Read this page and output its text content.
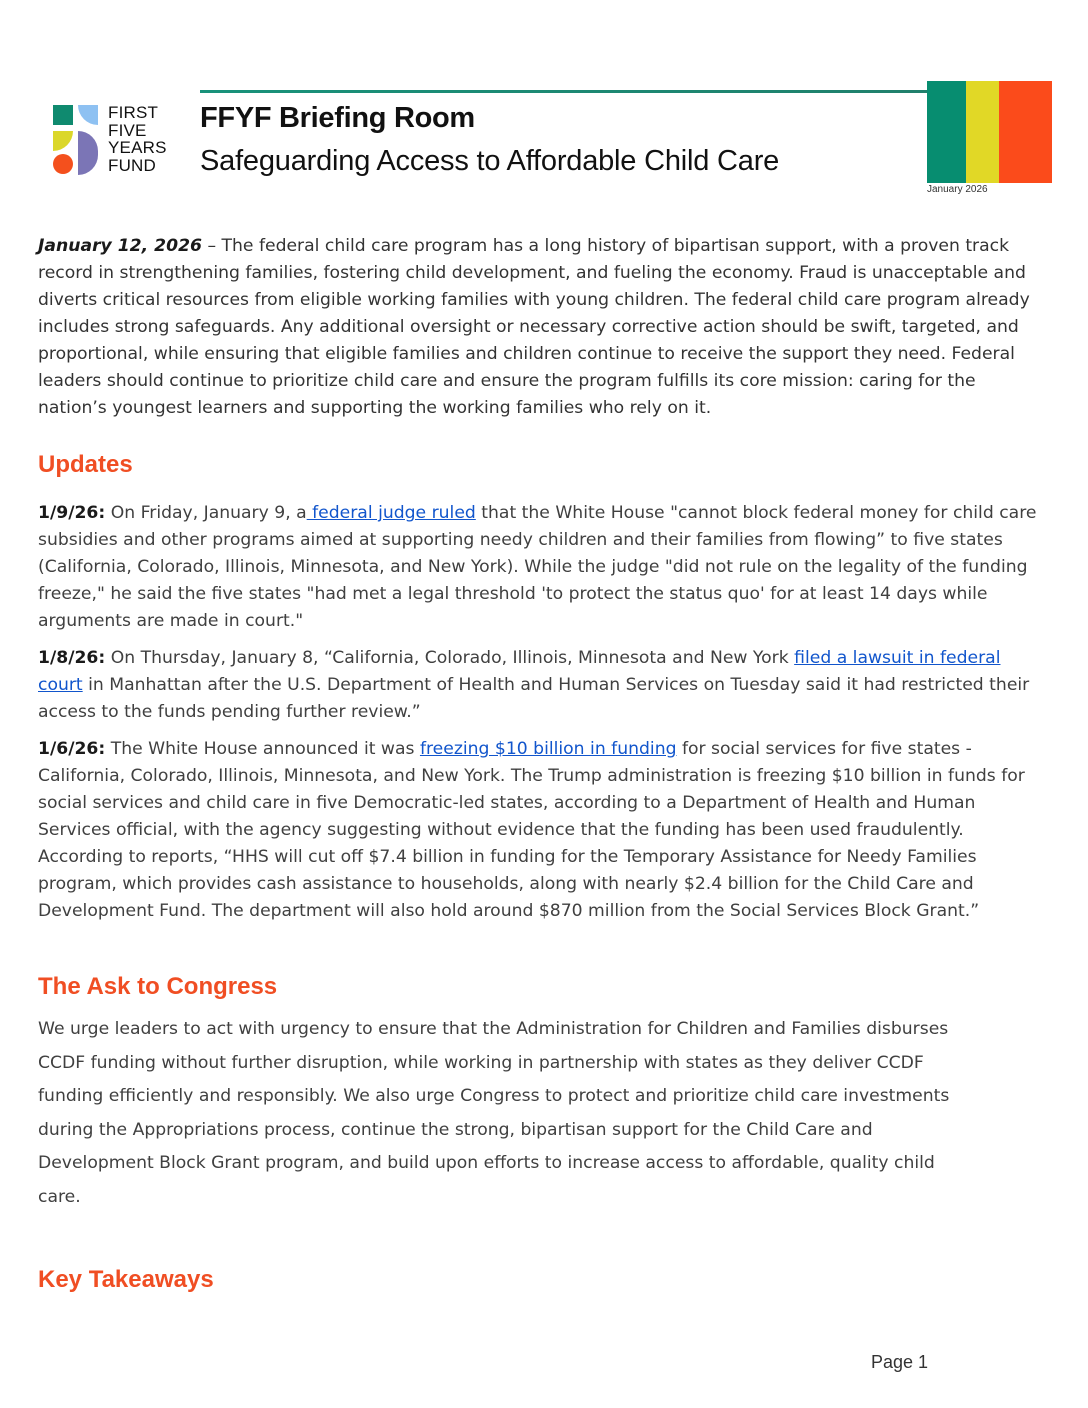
FIRST
FIVE
YEARS
FUND
FFYF Briefing Room
Safeguarding Access to Affordable Child Care
January 2026

January 12, 2026 – The federal child care program has a long history of bipartisan support, with a proven track record in strengthening families, fostering child development, and fueling the economy. Fraud is unacceptable and diverts critical resources from eligible working families with young children. The federal child care program already includes strong safeguards. Any additional oversight or necessary corrective action should be swift, targeted, and proportional, while ensuring that eligible families and children continue to receive the support they need. Federal leaders should continue to prioritize child care and ensure the program fulfills its core mission: caring for the nation’s youngest learners and supporting the working families who rely on it.

Updates

1/9/26: On Friday, January 9, a federal judge ruled that the White House "cannot block federal money for child care subsidies and other programs aimed at supporting needy children and their families from flowing” to five states (California, Colorado, Illinois, Minnesota, and New York). While the judge "did not rule on the legality of the funding freeze," he said the five states "had met a legal threshold 'to protect the status quo' for at least 14 days while arguments are made in court."

1/8/26: On Thursday, January 8, “California, Colorado, Illinois, Minnesota and New York filed a lawsuit in federal court in Manhattan after the U.S. Department of Health and Human Services on Tuesday said it had restricted their access to the funds pending further review.”

1/6/26: The White House announced it was freezing $10 billion in funding for social services for five states - California, Colorado, Illinois, Minnesota, and New York. The Trump administration is freezing $10 billion in funds for social services and child care in five Democratic-led states, according to a Department of Health and Human Services official, with the agency suggesting without evidence that the funding has been used fraudulently. According to reports, “HHS will cut off $7.4 billion in funding for the Temporary Assistance for Needy Families program, which provides cash assistance to households, along with nearly $2.4 billion for the Child Care and Development Fund. The department will also hold around $870 million from the Social Services Block Grant.”

The Ask to Congress

We urge leaders to act with urgency to ensure that the Administration for Children and Families disburses CCDF funding without further disruption, while working in partnership with states as they deliver CCDF funding efficiently and responsibly. We also urge Congress to protect and prioritize child care investments during the Appropriations process, continue the strong, bipartisan support for the Child Care and Development Block Grant program, and build upon efforts to increase access to affordable, quality child care.

Key Takeaways
Page 1
